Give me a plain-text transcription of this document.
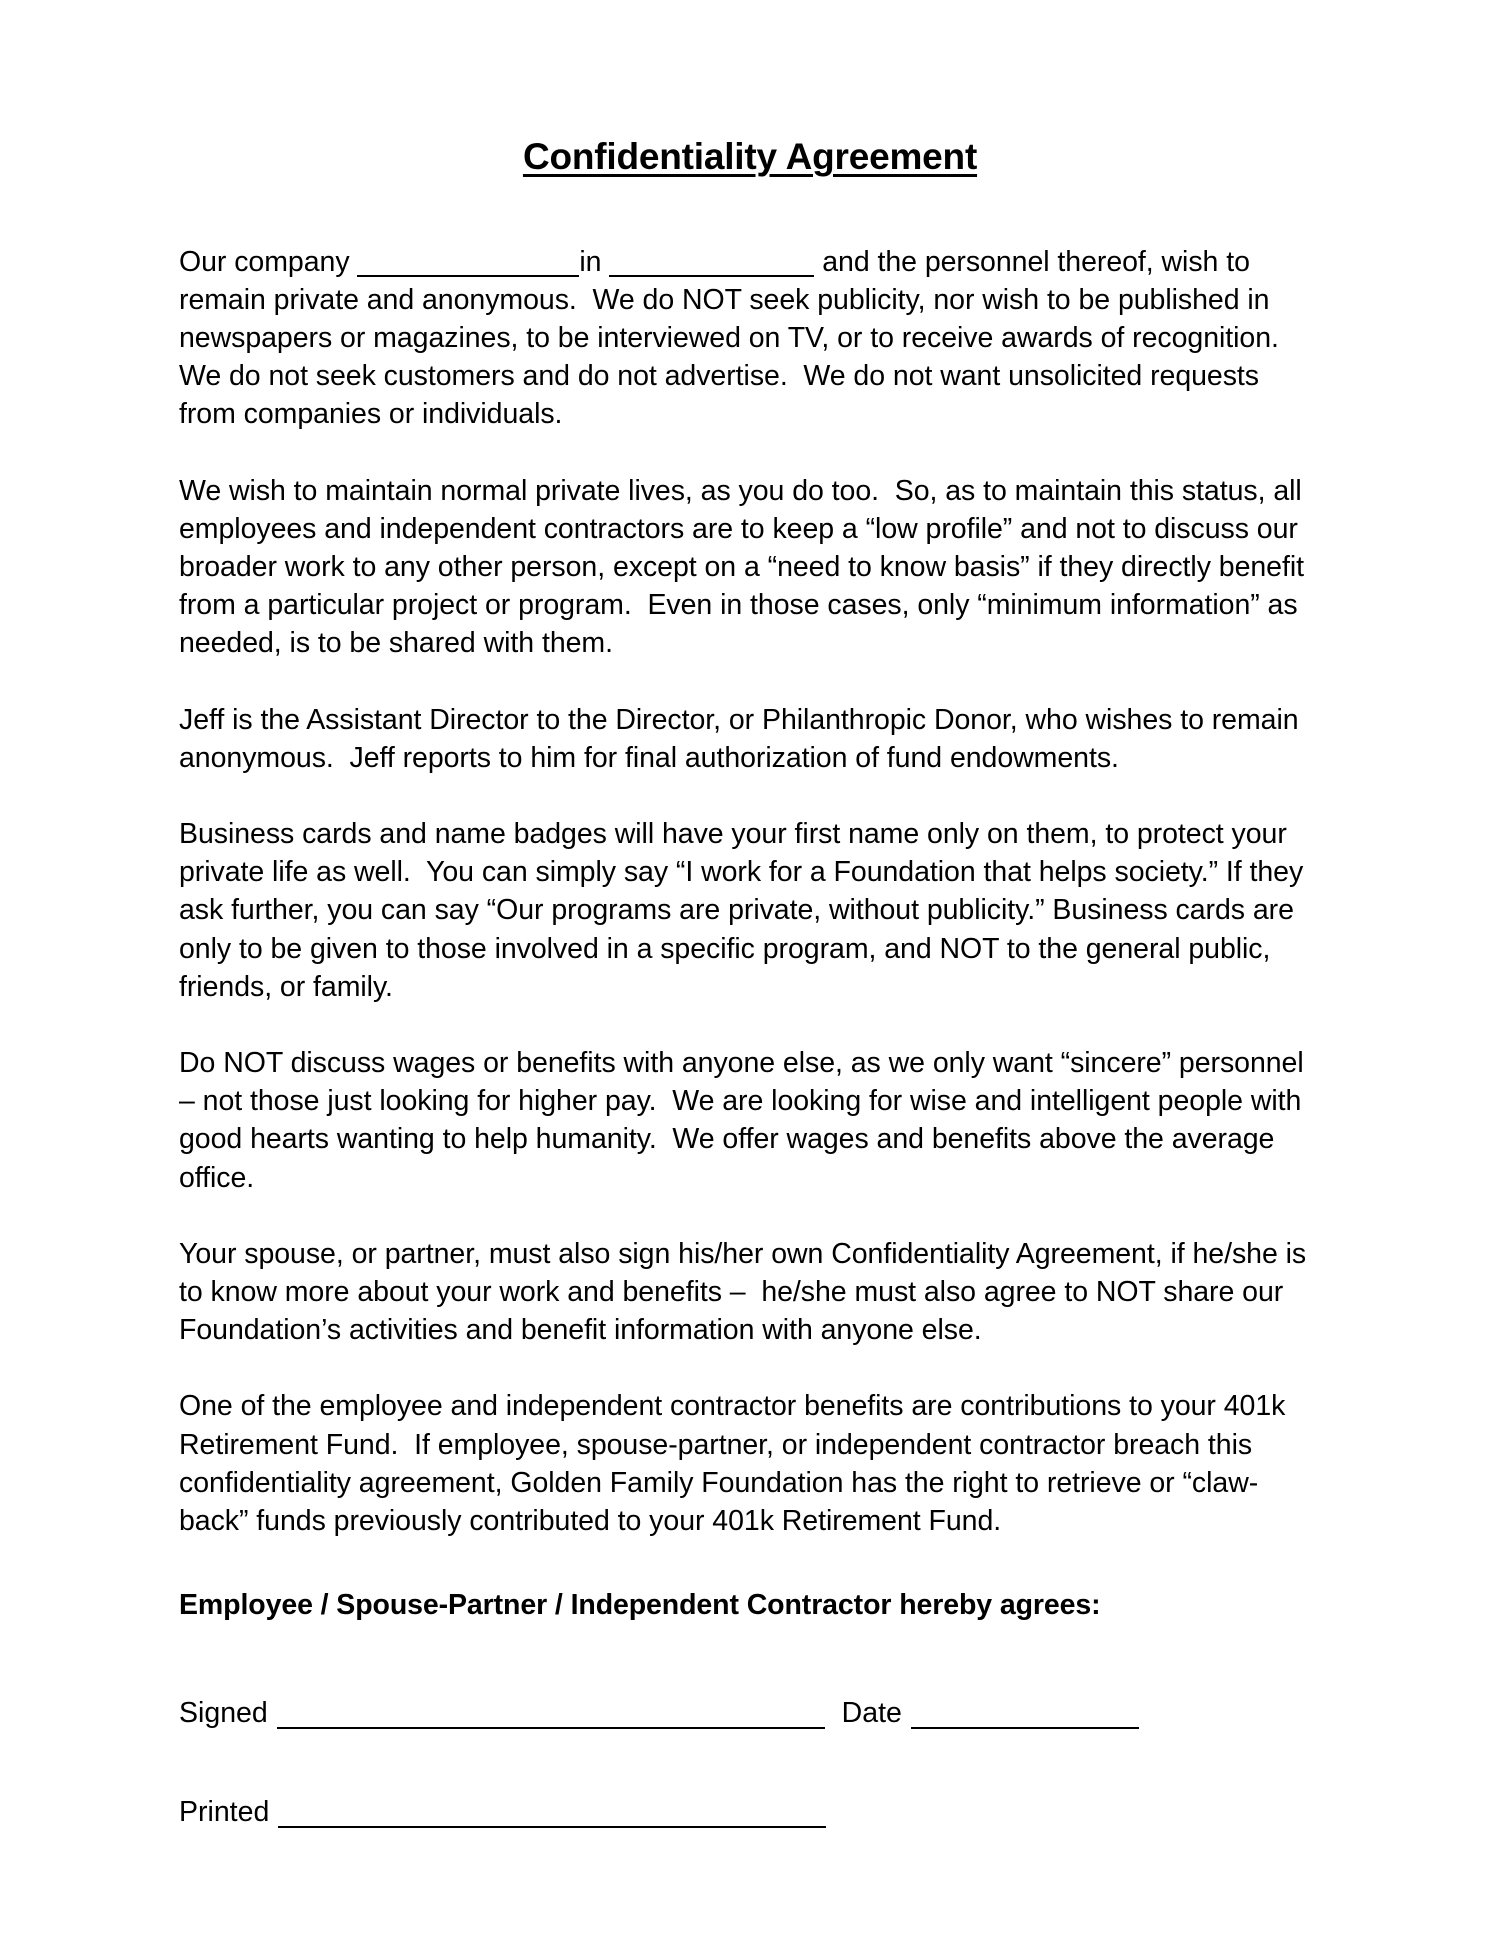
Confidentiality Agreement

Our company	in	and the personnel thereof, wish to remain private and anonymous.  We do NOT seek publicity, nor wish to be published in newspapers or magazines, to be interviewed on TV, or to receive awards of recognition.  We do not seek customers and do not advertise.  We do not want unsolicited requests from companies or individuals.

We wish to maintain normal private lives, as you do too.  So, as to maintain this status, all employees and independent contractors are to keep a “low profile” and not to discuss our broader work to any other person, except on a “need to know basis” if they directly benefit from a particular project or program.  Even in those cases, only “minimum information” as needed, is to be shared with them.

Jeff is the Assistant Director to the Director, or Philanthropic Donor, who wishes to remain anonymous.  Jeff reports to him for final authorization of fund endowments.

Business cards and name badges will have your first name only on them, to protect your private life as well.  You can simply say “I work for a Foundation that helps society.” If they ask further, you can say “Our programs are private, without publicity.” Business cards are only to be given to those involved in a specific program, and NOT to the general public, friends, or family.

Do NOT discuss wages or benefits with anyone else, as we only want “sincere” personnel – not those just looking for higher pay.  We are looking for wise and intelligent people with good hearts wanting to help humanity.  We offer wages and benefits above the average office.

Your spouse, or partner, must also sign his/her own Confidentiality Agreement, if he/she is to know more about your work and benefits –  he/she must also agree to NOT share our Foundation’s activities and benefit information with anyone else.

One of the employee and independent contractor benefits are contributions to your 401k Retirement Fund.  If employee, spouse-partner, or independent contractor breach this confidentiality agreement, Golden Family Foundation has the right to retrieve or “claw-back” funds previously contributed to your 401k Retirement Fund.

Employee / Spouse-Partner / Independent Contractor hereby agrees:

Signed	Date
Printed
